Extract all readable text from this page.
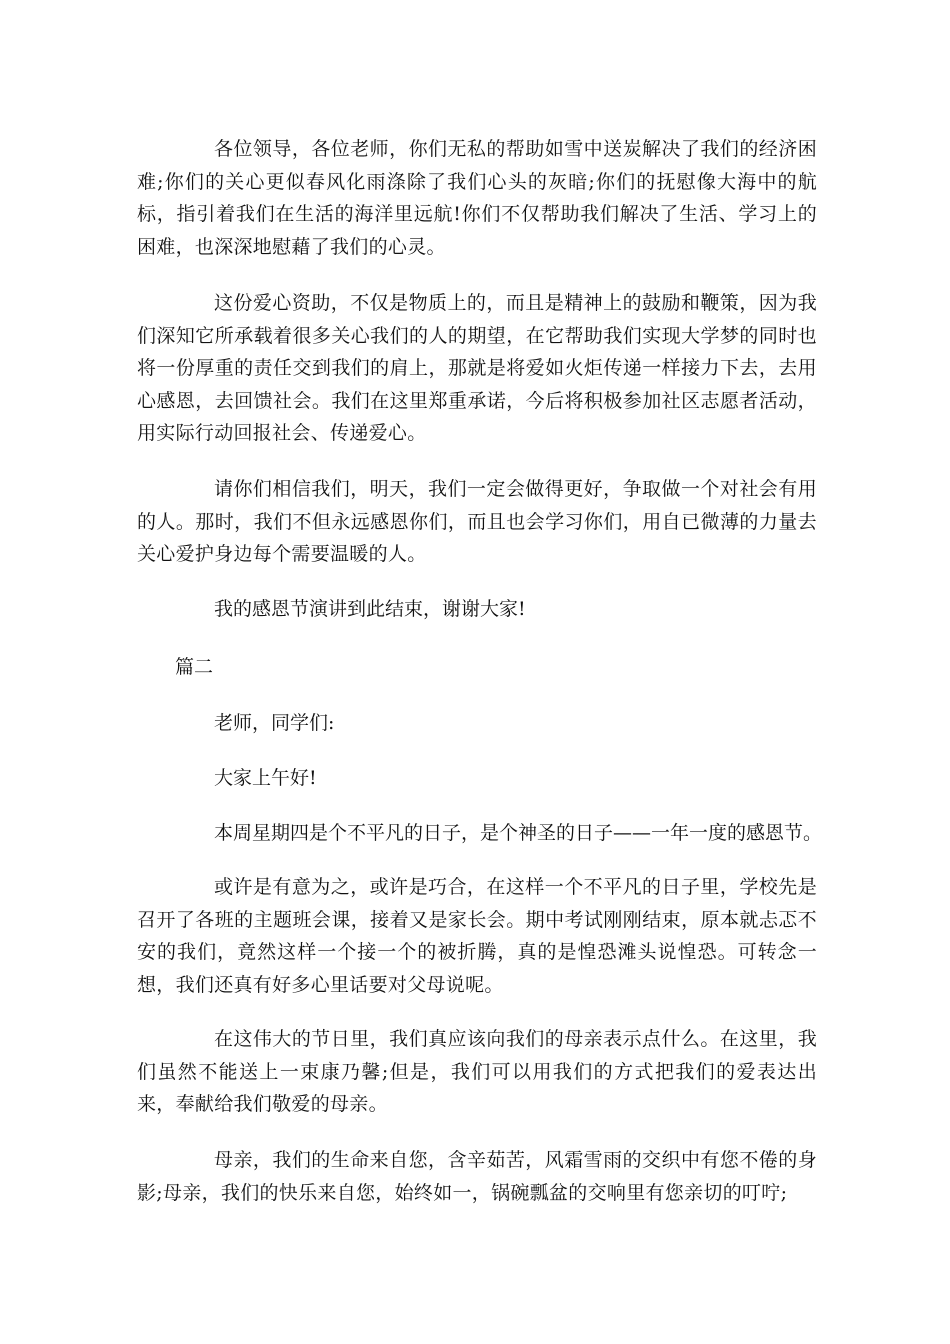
各位领导，各位老师，你们无私的帮助如雪中送炭解决了我们的经济困难;你们的关心更似春风化雨涤除了我们心头的灰暗;你们的抚慰像大海中的航标，指引着我们在生活的海洋里远航!你们不仅帮助我们解决了生活、学习上的困难，也深深地慰藉了我们的心灵。

这份爱心资助，不仅是物质上的，而且是精神上的鼓励和鞭策，因为我们深知它所承载着很多关心我们的人的期望，在它帮助我们实现大学梦的同时也将一份厚重的责任交到我们的肩上，那就是将爱如火炬传递一样接力下去，去用心感恩，去回馈社会。我们在这里郑重承诺，今后将积极参加社区志愿者活动，用实际行动回报社会、传递爱心。

请你们相信我们，明天，我们一定会做得更好，争取做一个对社会有用的人。那时，我们不但永远感恩你们，而且也会学习你们，用自已微薄的力量去关心爱护身边每个需要温暖的人。

我的感恩节演讲到此结束，谢谢大家!

篇二

老师，同学们:

大家上午好!

本周星期四是个不平凡的日子，是个神圣的日子——一年一度的感恩节。

或许是有意为之，或许是巧合，在这样一个不平凡的日子里，学校先是召开了各班的主题班会课，接着又是家长会。期中考试刚刚结束，原本就忐忑不安的我们，竟然这样一个接一个的被折腾，真的是惶恐滩头说惶恐。可转念一想，我们还真有好多心里话要对父母说呢。

在这伟大的节日里，我们真应该向我们的母亲表示点什么。在这里，我们虽然不能送上一束康乃馨;但是，我们可以用我们的方式把我们的爱表达出来，奉献给我们敬爱的母亲。

母亲，我们的生命来自您，含辛茹苦，风霜雪雨的交织中有您不倦的身影;母亲，我们的快乐来自您，始终如一，锅碗瓢盆的交响里有您亲切的叮咛;
